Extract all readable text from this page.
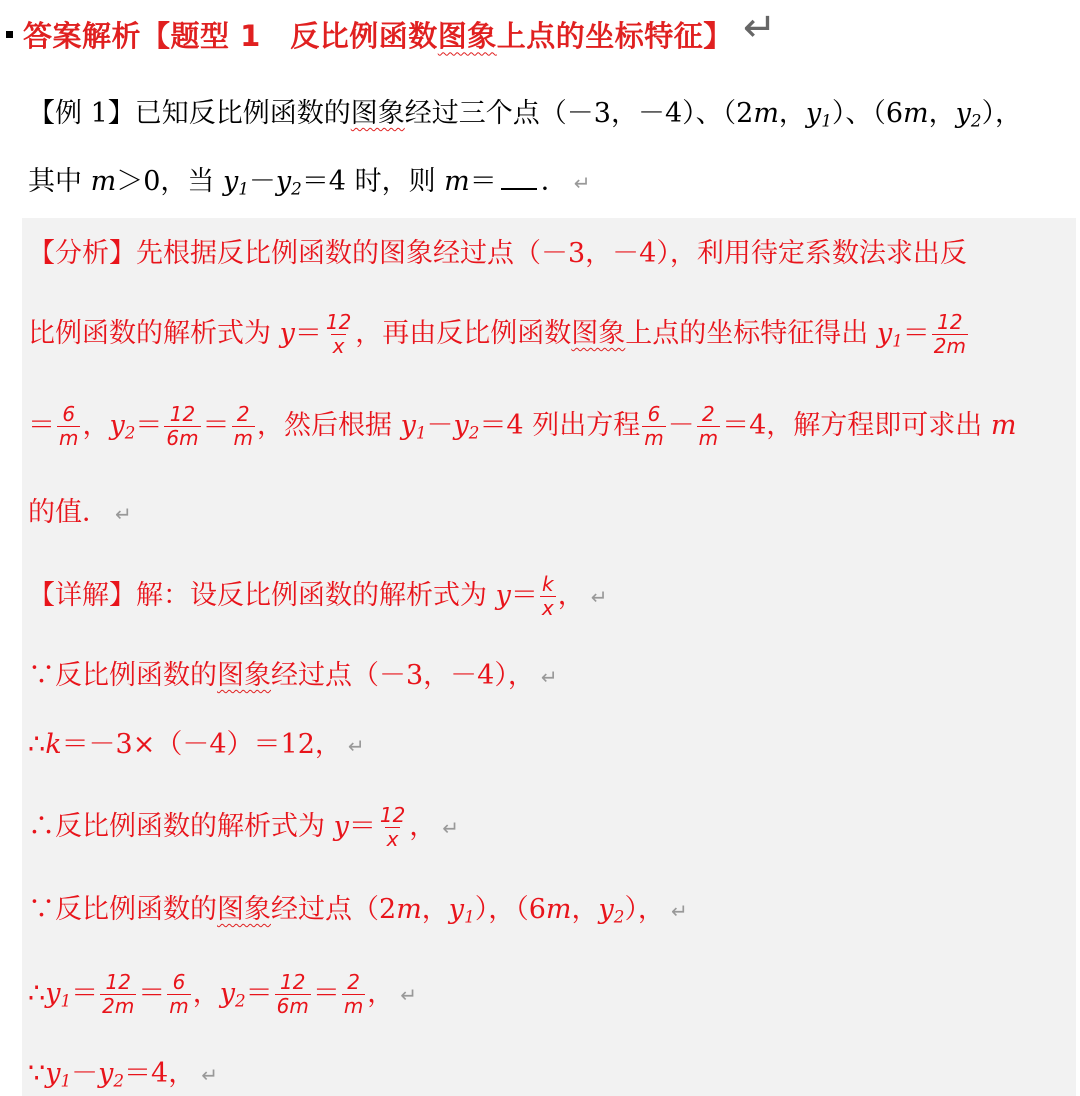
答案解析【题型 1　反比例函数图象上点的坐标特征】 ↵
【例 1】已知反比例函数的图象经过三个点（－3，－4）、（2m，$y_1$）、（6m，$y_2$），
其中 m＞0，当 $y_1-y_2=4$ 时，则 m＝ ． ↵
【分析】先根据反比例函数的图象经过点（－3，－4），利用待定系数法求出反
比例函数的解析式为 $y= \frac{12}{x}$ ，再由反比例函数图象上点的坐标特征得出 $y_1= \frac{12}{2m}$
＝ $\frac{6}{m}$ ，$y_2= \frac{12}{6m} = \frac{2}{m}$ ，然后根据 $y_1-y_2=4$ 列出方程 $\frac{6}{m} - \frac{2}{m} =4$，解方程即可求出 m
的值． ↵
【详解】解：设反比例函数的解析式为 $y= \frac{k}{x}$ ， ↵
∵反比例函数的图象经过点（－3，－4）， ↵
∴k＝－3×（－4）＝12， ↵
∴反比例函数的解析式为 $y= \frac{12}{x}$ ， ↵
∵反比例函数的图象经过点（2m，$y_1$），（6m，$y_2$）， ↵
$\therefore y_1= \frac{12}{2m} = \frac{6}{m}$ ，$y_2= \frac{12}{6m} = \frac{2}{m}$ ， ↵
$\because y_1-y_2=4$， ↵
